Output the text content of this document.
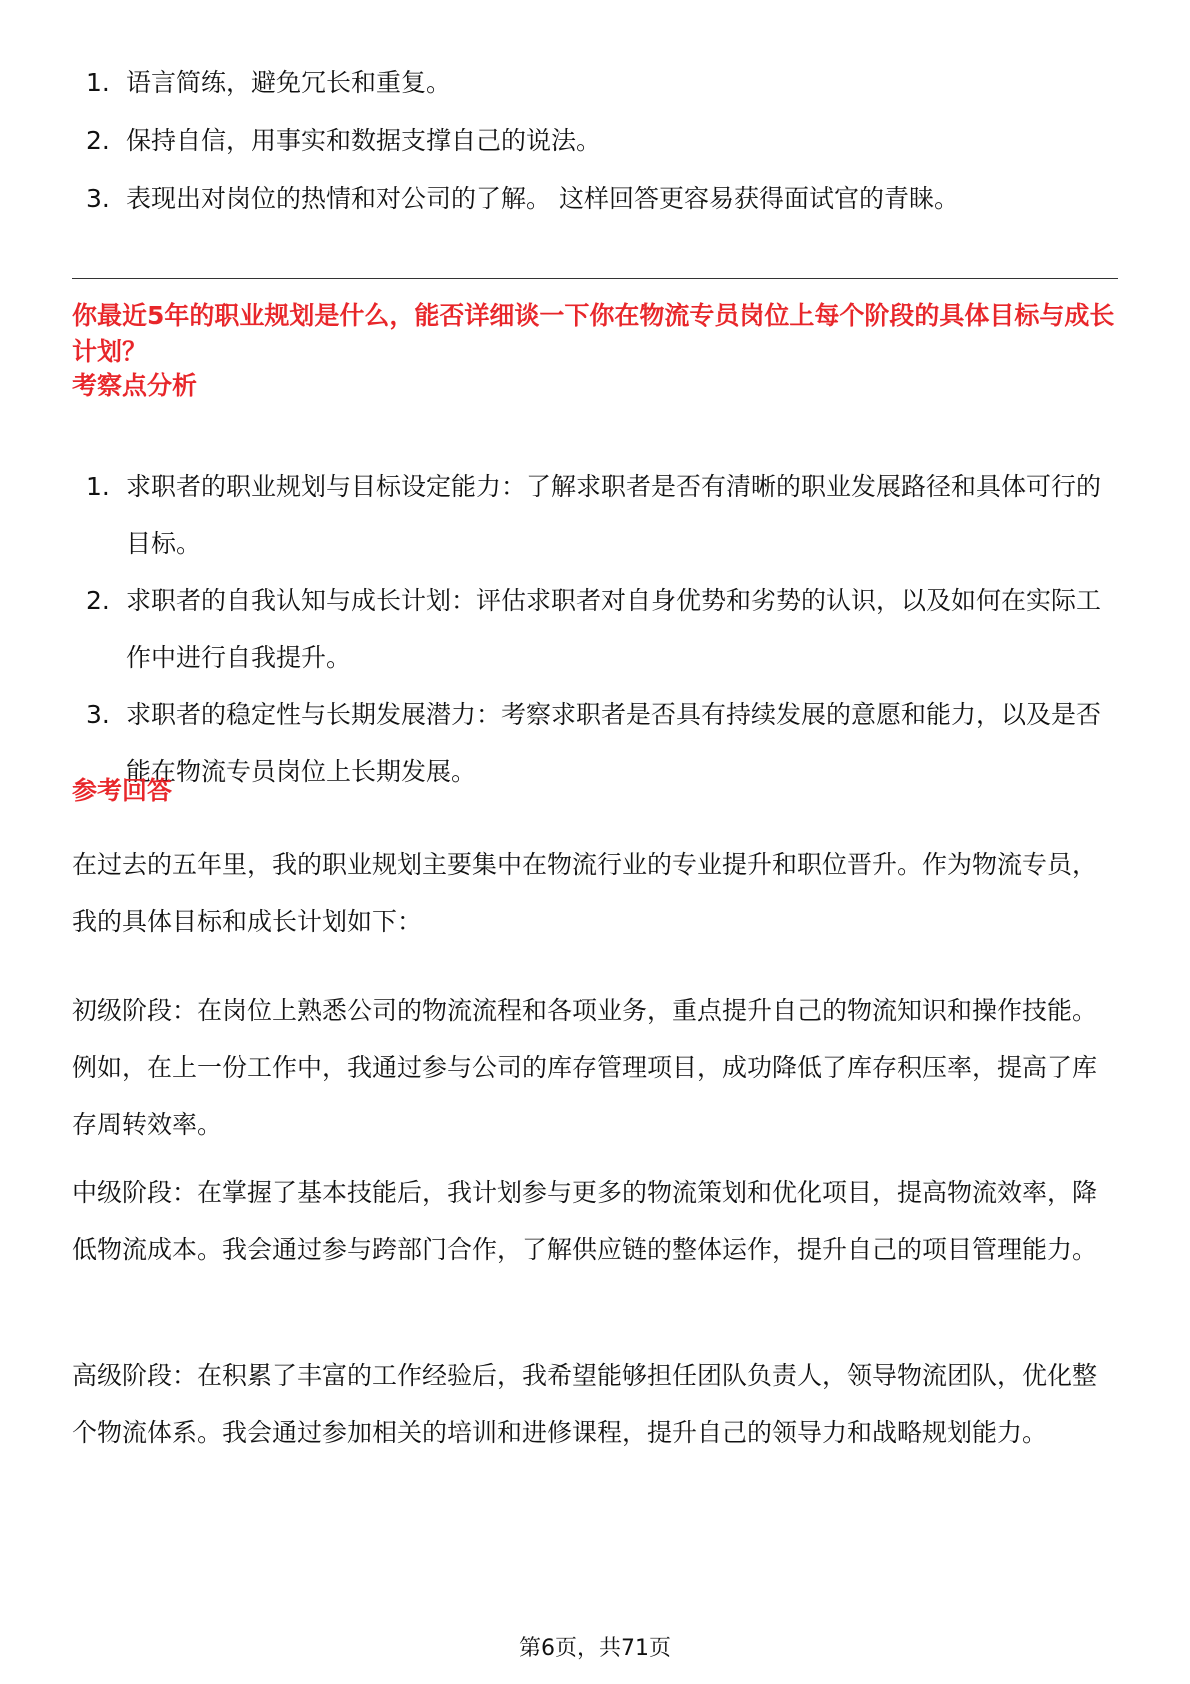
1. 语言简练，避免冗长和重复。
2. 保持自信，用事实和数据支撑自己的说法。
3. 表现出对岗位的热情和对公司的了解。 这样回答更容易获得面试官的青睐。
你最近5年的职业规划是什么，能否详细谈一下你在物流专员岗位上每个阶段的具体目标与成长计划？
考察点分析
1. 求职者的职业规划与目标设定能力：了解求职者是否有清晰的职业发展路径和具体可行的目标。
2. 求职者的自我认知与成长计划：评估求职者对自身优势和劣势的认识，以及如何在实际工作中进行自我提升。
3. 求职者的稳定性与长期发展潜力：考察求职者是否具有持续发展的意愿和能力，以及是否能在物流专员岗位上长期发展。
参考回答

在过去的五年里，我的职业规划主要集中在物流行业的专业提升和职位晋升。作为物流专员，我的具体目标和成长计划如下：

初级阶段：在岗位上熟悉公司的物流流程和各项业务，重点提升自己的物流知识和操作技能。例如，在上一份工作中，我通过参与公司的库存管理项目，成功降低了库存积压率，提高了库存周转效率。

中级阶段：在掌握了基本技能后，我计划参与更多的物流策划和优化项目，提高物流效率，降低物流成本。我会通过参与跨部门合作，了解供应链的整体运作，提升自己的项目管理能力。

高级阶段：在积累了丰富的工作经验后，我希望能够担任团队负责人，领导物流团队，优化整个物流体系。我会通过参加相关的培训和进修课程，提升自己的领导力和战略规划能力。

第6页，共71页
